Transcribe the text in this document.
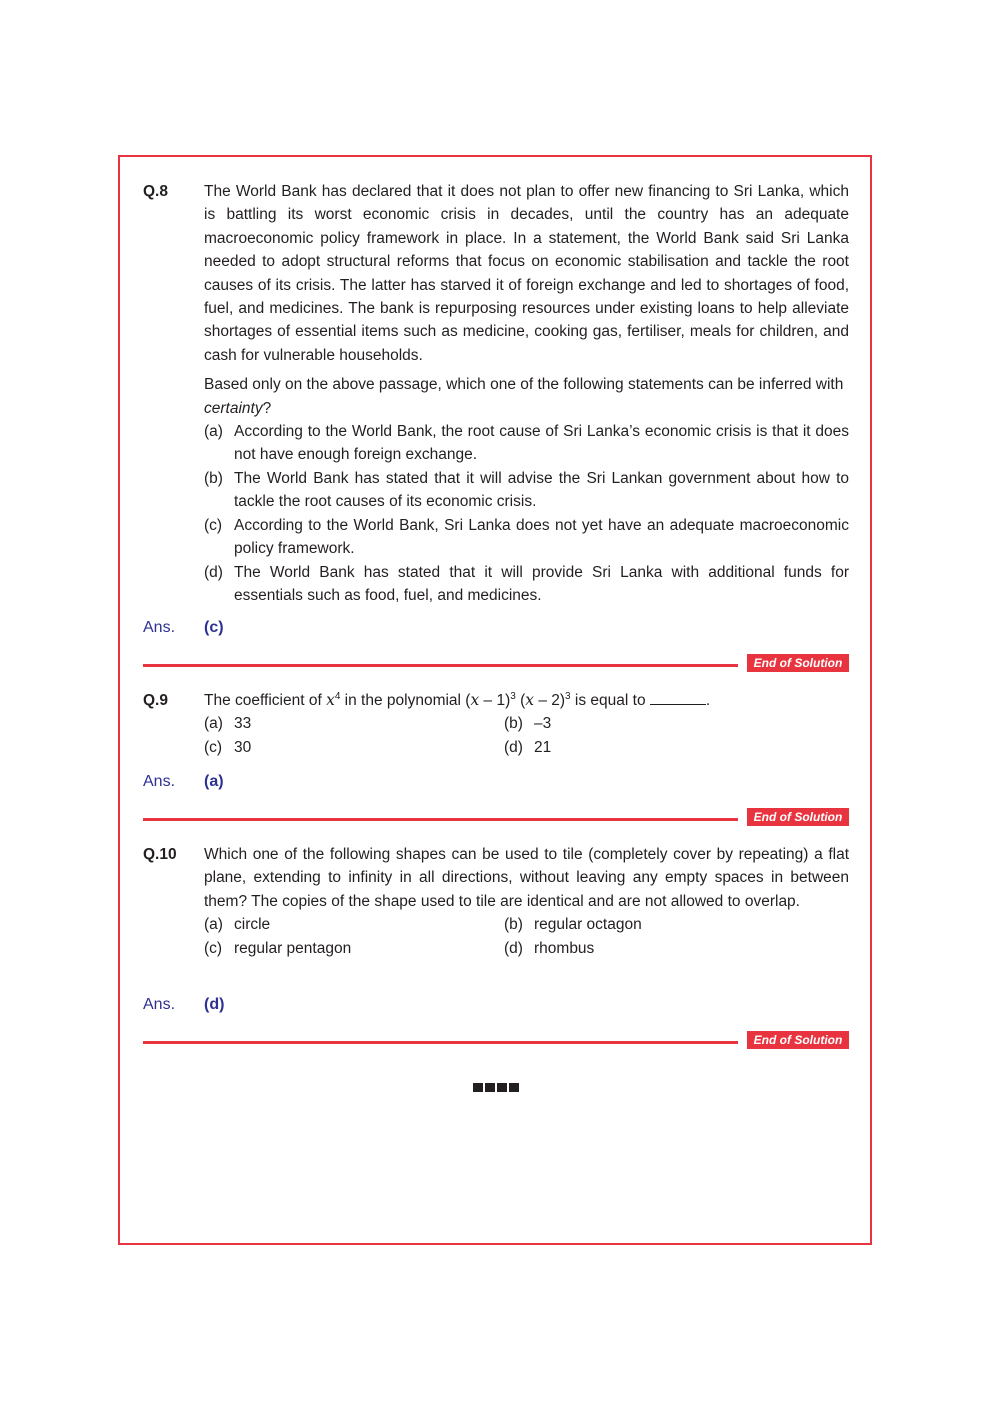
Q.8 The World Bank has declared that it does not plan to offer new financing to Sri Lanka, which is battling its worst economic crisis in decades, until the country has an adequate macroeconomic policy framework in place. In a statement, the World Bank said Sri Lanka needed to adopt structural reforms that focus on economic stabilisation and tackle the root causes of its crisis. The latter has starved it of foreign exchange and led to shortages of food, fuel, and medicines. The bank is repurposing resources under existing loans to help alleviate shortages of essential items such as medicine, cooking gas, fertiliser, meals for children, and cash for vulnerable households.

Based only on the above passage, which one of the following statements can be inferred with certainty?

(a) According to the World Bank, the root cause of Sri Lanka’s economic crisis is that it does not have enough foreign exchange.
(b) The World Bank has stated that it will advise the Sri Lankan government about how to tackle the root causes of its economic crisis.
(c) According to the World Bank, Sri Lanka does not yet have an adequate macroeconomic policy framework.
(d) The World Bank has stated that it will provide Sri Lanka with additional funds for essentials such as food, fuel, and medicines.
Ans. (c)
End of Solution
Q.9 The coefficient of $x^4$ in the polynomial (x – 1)$^3$ (x – 2)$^3$ is equal to	.

(a) 33	(b) –3
(c) 30	(d) 21
Ans. (a)
End of Solution
Q.10 Which one of the following shapes can be used to tile (completely cover by repeating) a flat plane, extending to infinity in all directions, without leaving any empty spaces in between them? The copies of the shape used to tile are identical and are not allowed to overlap.

(a) circle	(b) regular octagon
(c) regular pentagon	(d) rhombus
Ans. (d)
End of Solution
